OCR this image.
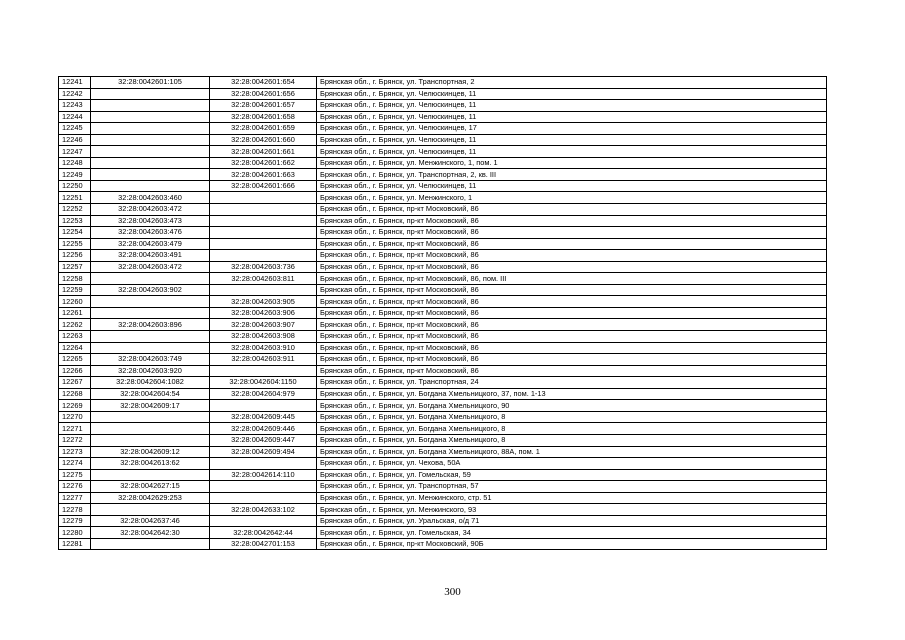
12241	32:28:0042601:105	32:28:0042601:654	Брянская обл., г. Брянск, ул. Транспортная, 2
12242		32:28:0042601:656	Брянская обл., г. Брянск, ул. Челюскинцев, 11
12243		32:28:0042601:657	Брянская обл., г. Брянск, ул. Челюскинцев, 11
12244		32:28:0042601:658	Брянская обл., г. Брянск, ул. Челюскинцев, 11
12245		32:28:0042601:659	Брянская обл., г. Брянск, ул. Челюскинцев, 17
12246		32:28:0042601:660	Брянская обл., г. Брянск, ул. Челюскинцев, 11
12247		32:28:0042601:661	Брянская обл., г. Брянск, ул. Челюскинцев, 11
12248		32:28:0042601:662	Брянская обл., г. Брянск, ул. Менжинского, 1, пом. 1
12249		32:28:0042601:663	Брянская обл., г. Брянск, ул. Транспортная, 2, кв. III
12250		32:28:0042601:666	Брянская обл., г. Брянск, ул. Челюскинцев, 11
12251	32:28:0042603:460		Брянская обл., г. Брянск, ул. Менжинского, 1
12252	32:28:0042603:472		Брянская обл., г. Брянск, пр-кт Московский, 86
12253	32:28:0042603:473		Брянская обл., г. Брянск, пр-кт Московский, 86
12254	32:28:0042603:476		Брянская обл., г. Брянск, пр-кт Московский, 86
12255	32:28:0042603:479		Брянская обл., г. Брянск, пр-кт Московский, 86
12256	32:28:0042603:491		Брянская обл., г. Брянск, пр-кт Московский, 86
12257	32:28:0042603:472	32:28:0042603:736	Брянская обл., г. Брянск, пр-кт Московский, 86
12258		32:28:0042603:811	Брянская обл., г. Брянск, пр-кт Московский, 86, пом. III
12259	32:28:0042603:902		Брянская обл., г. Брянск, пр-кт Московский, 86
12260		32:28:0042603:905	Брянская обл., г. Брянск, пр-кт Московский, 86
12261		32:28:0042603:906	Брянская обл., г. Брянск, пр-кт Московский, 86
12262	32:28:0042603:896	32:28:0042603:907	Брянская обл., г. Брянск, пр-кт Московский, 86
12263		32:28:0042603:908	Брянская обл., г. Брянск, пр-кт Московский, 86
12264		32:28:0042603:910	Брянская обл., г. Брянск, пр-кт Московский, 86
12265	32:28:0042603:749	32:28:0042603:911	Брянская обл., г. Брянск, пр-кт Московский, 86
12266	32:28:0042603:920		Брянская обл., г. Брянск, пр-кт Московский, 86
12267	32:28:0042604:1082	32:28:0042604:1150	Брянская обл., г. Брянск, ул. Транспортная, 24
12268	32:28:0042604:54	32:28:0042604:979	Брянская обл., г. Брянск, ул. Богдана Хмельницкого, 37, пом. 1-13
12269	32:28:0042609:17		Брянская обл., г. Брянск, ул. Богдана Хмельницкого, 90
12270		32:28:0042609:445	Брянская обл., г. Брянск, ул. Богдана Хмельницкого, 8
12271		32:28:0042609:446	Брянская обл., г. Брянск, ул. Богдана Хмельницкого, 8
12272		32:28:0042609:447	Брянская обл., г. Брянск, ул. Богдана Хмельницкого, 8
12273	32:28:0042609:12	32:28:0042609:494	Брянская обл., г. Брянск, ул. Богдана Хмельницкого, 88А, пом. 1
12274	32:28:0042613:62		Брянская обл., г. Брянск, ул. Чехова, 50А
12275		32:28:0042614:110	Брянская обл., г. Брянск, ул. Гомельская, 59
12276	32:28:0042627:15		Брянская обл., г. Брянск, ул. Транспортная, 57
12277	32:28:0042629:253		Брянская обл., г. Брянск, ул. Менжинского, стр. 51
12278		32:28:0042633:102	Брянская обл., г. Брянск, ул. Менжинского, 93
12279	32:28:0042637:46		Брянская обл., г. Брянск, ул. Уральская, о/д 71
12280	32:28:0042642:30	32:28:0042642:44	Брянская обл., г. Брянск, ул. Гомельская, 34
12281		32:28:0042701:153	Брянская обл., г. Брянск, пр-кт Московский, 90Б
300
